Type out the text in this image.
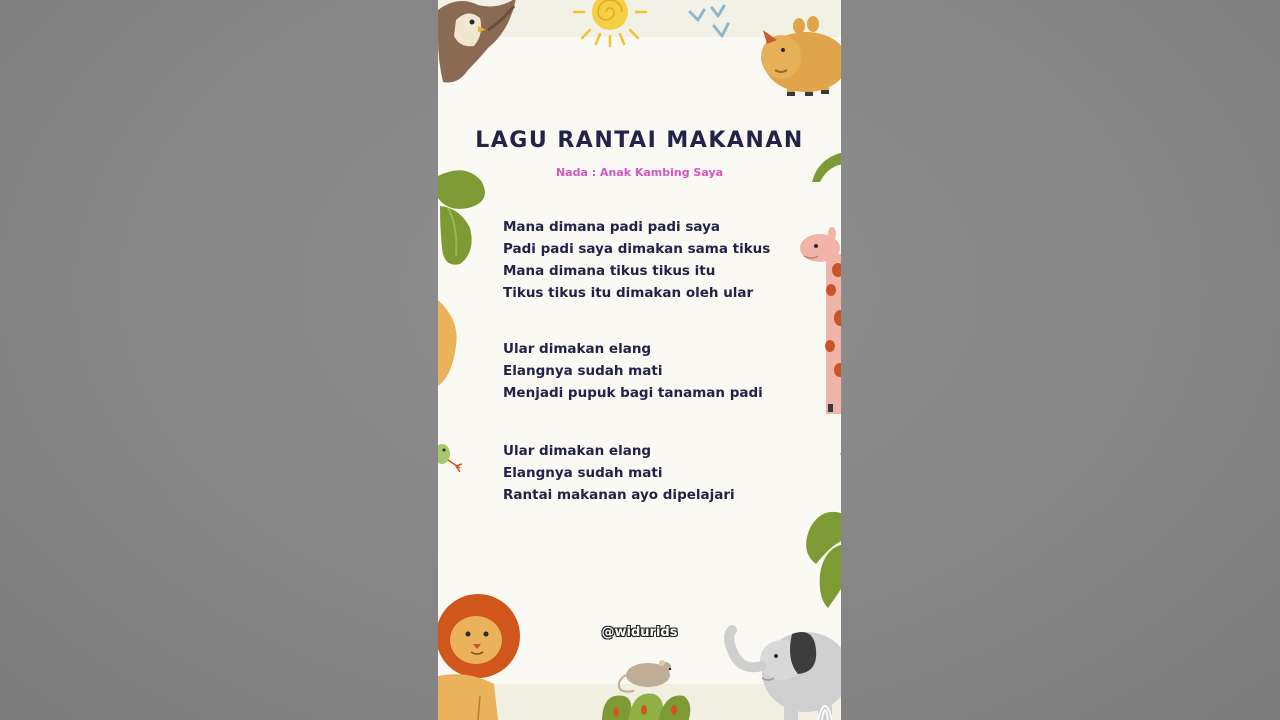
LAGU RANTAI MAKANAN
Nada : Anak Kambing Saya
Mana dimana padi padi saya
Padi padi saya dimakan sama tikus
Mana dimana tikus tikus itu
Tikus tikus itu dimakan oleh ular
Ular dimakan elang
Elangnya sudah mati
Menjadi pupuk bagi tanaman padi
Ular dimakan elang
Elangnya sudah mati
Rantai makanan ayo dipelajari
@widurids
